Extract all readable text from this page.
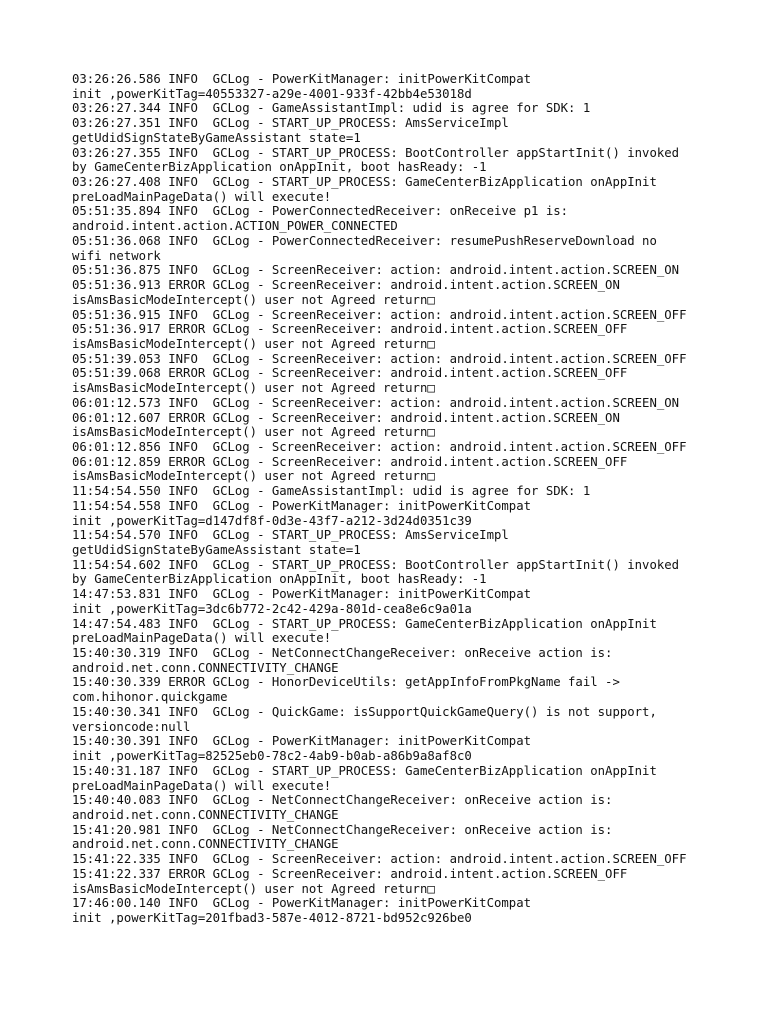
03:26:26.586 INFO  GCLog - PowerKitManager: initPowerKitCompat
init ,powerKitTag=40553327-a29e-4001-933f-42bb4e53018d
03:26:27.344 INFO  GCLog - GameAssistantImpl: udid is agree for SDK: 1
03:26:27.351 INFO  GCLog - START_UP_PROCESS: AmsServiceImpl
getUdidSignStateByGameAssistant state=1
03:26:27.355 INFO  GCLog - START_UP_PROCESS: BootController appStartInit() invoked
by GameCenterBizApplication onAppInit, boot hasReady: -1
03:26:27.408 INFO  GCLog - START_UP_PROCESS: GameCenterBizApplication onAppInit
preLoadMainPageData() will execute!
05:51:35.894 INFO  GCLog - PowerConnectedReceiver: onReceive p1 is:
android.intent.action.ACTION_POWER_CONNECTED
05:51:36.068 INFO  GCLog - PowerConnectedReceiver: resumePushReserveDownload no
wifi network
05:51:36.875 INFO  GCLog - ScreenReceiver: action: android.intent.action.SCREEN_ON
05:51:36.913 ERROR GCLog - ScreenReceiver: android.intent.action.SCREEN_ON
isAmsBasicModeIntercept() user not Agreed return□
05:51:36.915 INFO  GCLog - ScreenReceiver: action: android.intent.action.SCREEN_OFF
05:51:36.917 ERROR GCLog - ScreenReceiver: android.intent.action.SCREEN_OFF
isAmsBasicModeIntercept() user not Agreed return□
05:51:39.053 INFO  GCLog - ScreenReceiver: action: android.intent.action.SCREEN_OFF
05:51:39.068 ERROR GCLog - ScreenReceiver: android.intent.action.SCREEN_OFF
isAmsBasicModeIntercept() user not Agreed return□
06:01:12.573 INFO  GCLog - ScreenReceiver: action: android.intent.action.SCREEN_ON
06:01:12.607 ERROR GCLog - ScreenReceiver: android.intent.action.SCREEN_ON
isAmsBasicModeIntercept() user not Agreed return□
06:01:12.856 INFO  GCLog - ScreenReceiver: action: android.intent.action.SCREEN_OFF
06:01:12.859 ERROR GCLog - ScreenReceiver: android.intent.action.SCREEN_OFF
isAmsBasicModeIntercept() user not Agreed return□
11:54:54.550 INFO  GCLog - GameAssistantImpl: udid is agree for SDK: 1
11:54:54.558 INFO  GCLog - PowerKitManager: initPowerKitCompat
init ,powerKitTag=d147df8f-0d3e-43f7-a212-3d24d0351c39
11:54:54.570 INFO  GCLog - START_UP_PROCESS: AmsServiceImpl
getUdidSignStateByGameAssistant state=1
11:54:54.602 INFO  GCLog - START_UP_PROCESS: BootController appStartInit() invoked
by GameCenterBizApplication onAppInit, boot hasReady: -1
14:47:53.831 INFO  GCLog - PowerKitManager: initPowerKitCompat
init ,powerKitTag=3dc6b772-2c42-429a-801d-cea8e6c9a01a
14:47:54.483 INFO  GCLog - START_UP_PROCESS: GameCenterBizApplication onAppInit
preLoadMainPageData() will execute!
15:40:30.319 INFO  GCLog - NetConnectChangeReceiver: onReceive action is:
android.net.conn.CONNECTIVITY_CHANGE
15:40:30.339 ERROR GCLog - HonorDeviceUtils: getAppInfoFromPkgName fail ->
com.hihonor.quickgame
15:40:30.341 INFO  GCLog - QuickGame: isSupportQuickGameQuery() is not support,
versioncode:null
15:40:30.391 INFO  GCLog - PowerKitManager: initPowerKitCompat
init ,powerKitTag=82525eb0-78c2-4ab9-b0ab-a86b9a8af8c0
15:40:31.187 INFO  GCLog - START_UP_PROCESS: GameCenterBizApplication onAppInit
preLoadMainPageData() will execute!
15:40:40.083 INFO  GCLog - NetConnectChangeReceiver: onReceive action is:
android.net.conn.CONNECTIVITY_CHANGE
15:41:20.981 INFO  GCLog - NetConnectChangeReceiver: onReceive action is:
android.net.conn.CONNECTIVITY_CHANGE
15:41:22.335 INFO  GCLog - ScreenReceiver: action: android.intent.action.SCREEN_OFF
15:41:22.337 ERROR GCLog - ScreenReceiver: android.intent.action.SCREEN_OFF
isAmsBasicModeIntercept() user not Agreed return□
17:46:00.140 INFO  GCLog - PowerKitManager: initPowerKitCompat
init ,powerKitTag=201fbad3-587e-4012-8721-bd952c926be0
